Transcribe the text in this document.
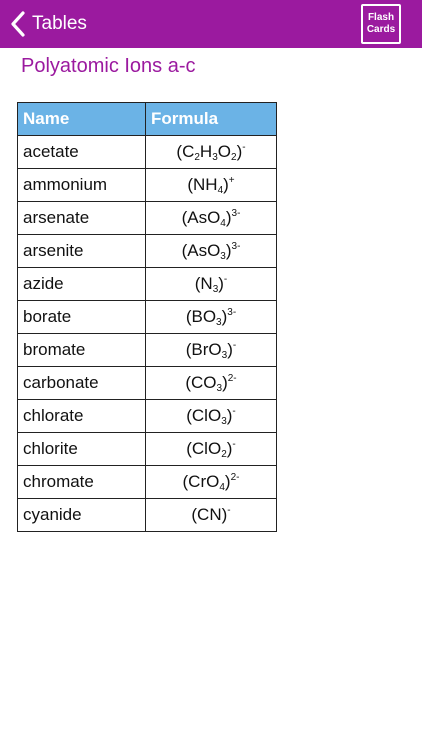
Tables	Flash
Cards
Polyatomic Ions a-c
Name	Formula
acetate	$(C_2H_3O_2)^-$
ammonium	$(NH_4)^+$
arsenate	$(AsO_4)^{3-}$
arsenite	$(AsO_3)^{3-}$
azide	$(N_3)^-$
borate	$(BO_3)^{3-}$
bromate	(BrO$_3$)-
carbonate	$(CO_3)^{2-}$
chlorate	(ClO$_3$)-
chlorite	(ClO$_2$)-
chromate	$(CrO_4)^{2-}$
cyanide	(CN)-
